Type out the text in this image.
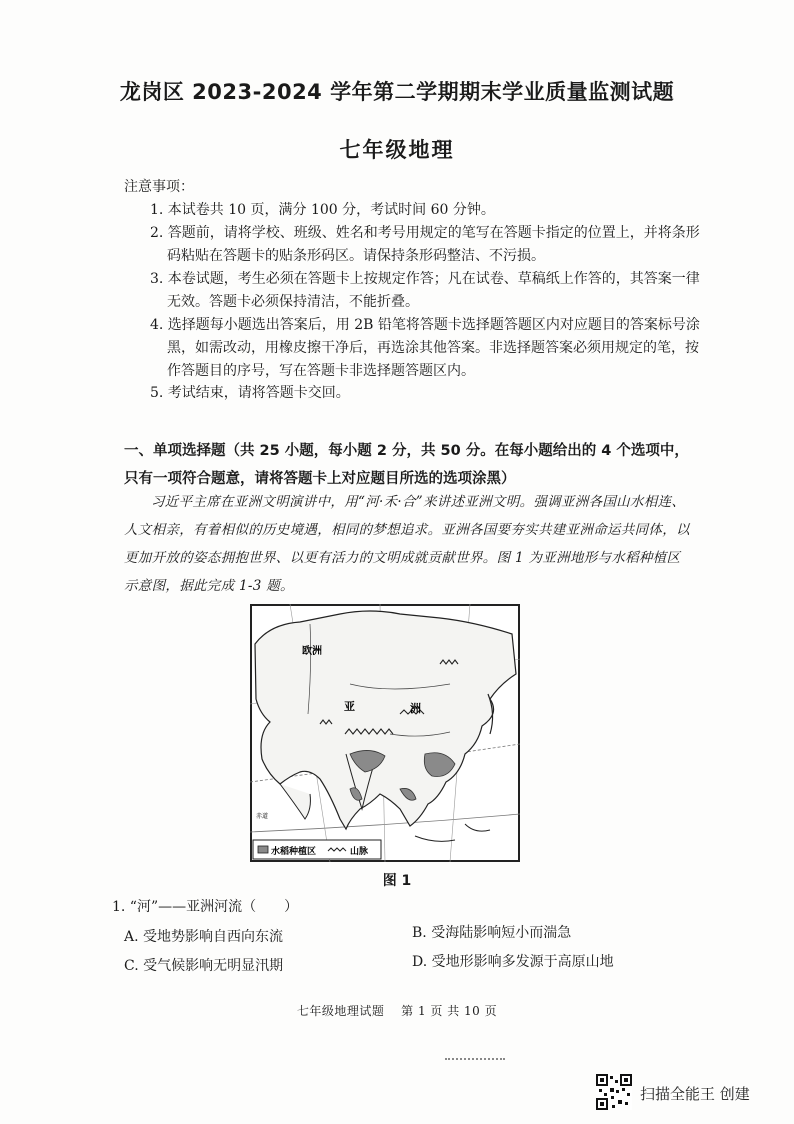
龙岗区 2023-2024 学年第二学期期末学业质量监测试题
七年级地理
注意事项：
1. 本试卷共 10 页，满分 100 分，考试时间 60 分钟。
2. 答题前，请将学校、班级、姓名和考号用规定的笔写在答题卡指定的位置上，并将条形码粘贴在答题卡的贴条形码区。请保持条形码整洁、不污损。
3. 本卷试题，考生必须在答题卡上按规定作答；凡在试卷、草稿纸上作答的，其答案一律无效。答题卡必须保持清洁，不能折叠。
4. 选择题每小题选出答案后，用 2B 铅笔将答题卡选择题答题区内对应题目的答案标号涂黑，如需改动，用橡皮擦干净后，再选涂其他答案。非选择题答案必须用规定的笔，按作答题目的序号，写在答题卡非选择题答题区内。
5. 考试结束，请将答题卡交回。
一、单项选择题（共 25 小题，每小题 2 分，共 50 分。在每小题给出的 4 个选项中，只有一项符合题意，请将答题卡上对应题目所选的选项涂黑）
习近平主席在亚洲文明演讲中，用“河·禾·合”来讲述亚洲文明。强调亚洲各国山水相连、人文相亲，有着相似的历史境遇，相同的梦想追求。亚洲各国要夯实共建亚洲命运共同体，以更加开放的姿态拥抱世界、以更有活力的文明成就贡献世界。图 1 为亚洲地形与水稻种植区示意图，据此完成 1-3 题。
欧洲
亚	洲
赤道
水稻种植区	山脉
图 1
1. “河”——亚洲河流（　　）
A. 受地势影响自西向东流	B. 受海陆影响短小而湍急
C. 受气候影响无明显汛期	D. 受地形影响多发源于高原山地
七年级地理试题　 第 1 页 共 10 页
扫描全能王 创建
